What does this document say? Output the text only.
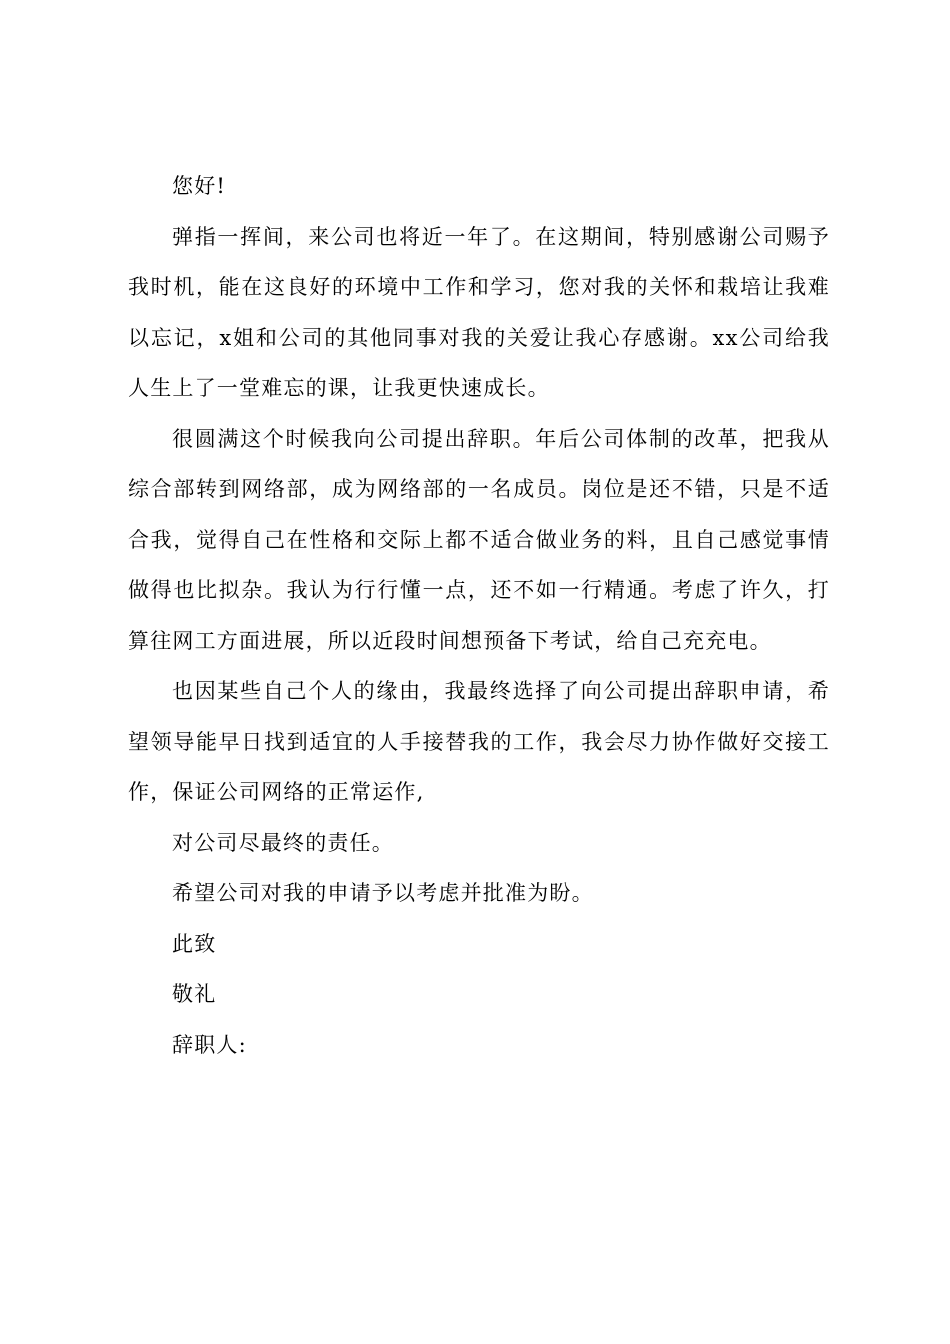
您好!

弹指一挥间，来公司也将近一年了。在这期间，特别感谢公司赐予我时机，能在这良好的环境中工作和学习，您对我的关怀和栽培让我难以忘记，x姐和公司的其他同事对我的关爱让我心存感谢。xx公司给我人生上了一堂难忘的课，让我更快速成长。

很圆满这个时候我向公司提出辞职。年后公司体制的改革，把我从综合部转到网络部，成为网络部的一名成员。岗位是还不错，只是不适合我，觉得自己在性格和交际上都不适合做业务的料，且自己感觉事情做得也比拟杂。我认为行行懂一点，还不如一行精通。考虑了许久，打算往网工方面进展，所以近段时间想预备下考试，给自己充充电。

也因某些自己个人的缘由，我最终选择了向公司提出辞职申请，希望领导能早日找到适宜的人手接替我的工作，我会尽力协作做好交接工作，保证公司网络的正常运作,

对公司尽最终的责任。

希望公司对我的申请予以考虑并批准为盼。

此致

敬礼

辞职人:
